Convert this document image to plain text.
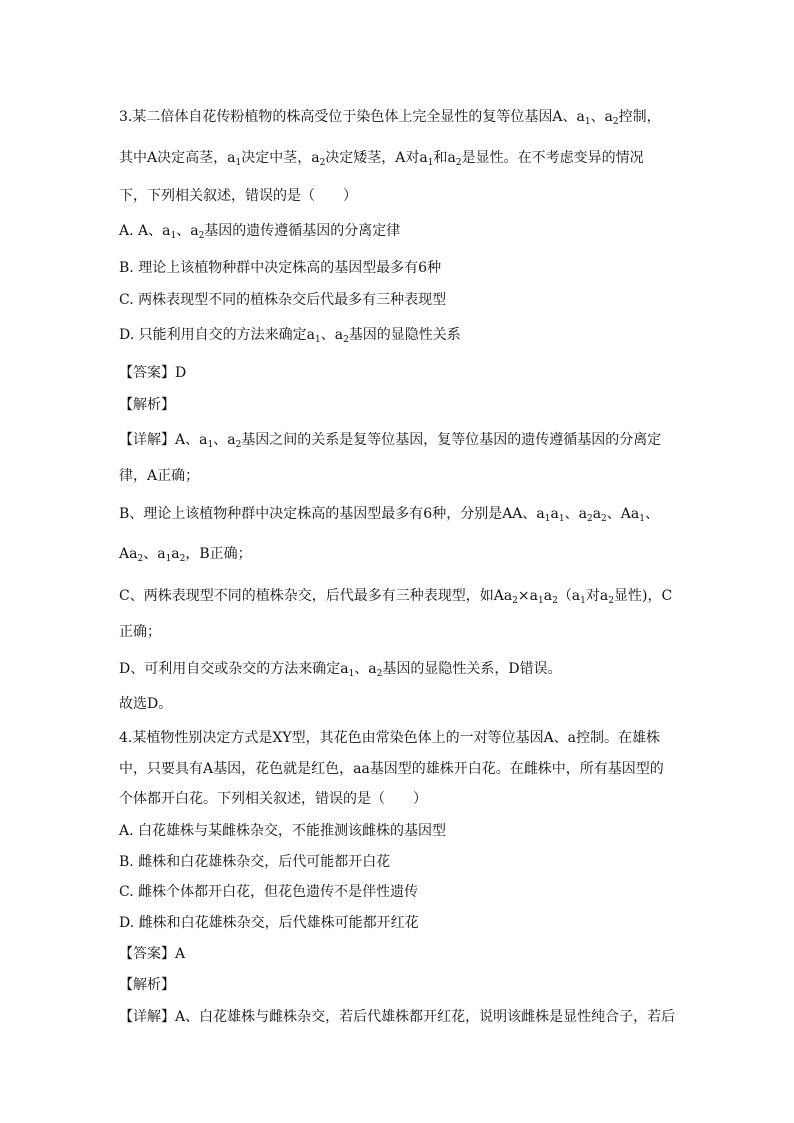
3.某二倍体自花传粉植物的株高受位于染色体上完全显性的复等位基因A、$a_1$、$a_2$控制，
其中A决定高茎，$a_1$决定中茎，$a_2$决定矮茎，A对$a_1$和$a_2$是显性。在不考虑变异的情况
下，下列相关叙述，错误的是（　　）
A. A、$a_1$、$a_2$基因的遗传遵循基因的分离定律
B. 理论上该植物种群中决定株高的基因型最多有6种
C. 两株表现型不同的植株杂交后代最多有三种表现型
D. 只能利用自交的方法来确定$a_1$、$a_2$基因的显隐性关系
【答案】D
【解析】
【详解】A、$a_1$、$a_2$基因之间的关系是复等位基因，复等位基因的遗传遵循基因的分离定
律，A正确；
B、理论上该植物种群中决定株高的基因型最多有6种，分别是AA、$a_1a_1$、$a_2a_2$、$Aa_1$、
$Aa_2$、$a_1a_2$，B正确；
C、两株表现型不同的植株杂交，后代最多有三种表现型，如$Aa_2\times a_1a_2(a_1$对$a_2$显性)，C
正确；
D、可利用自交或杂交的方法来确定$a_1$、$a_2$基因的显隐性关系，D错误。
故选D。
4.某植物性别决定方式是XY型，其花色由常染色体上的一对等位基因A、a控制。在雄株
中，只要具有A基因，花色就是红色，aa基因型的雄株开白花。在雌株中，所有基因型的
个体都开白花。下列相关叙述，错误的是（　　）
A. 白花雄株与某雌株杂交，不能推测该雌株的基因型
B. 雌株和白花雄株杂交，后代可能都开白花
C. 雌株个体都开白花，但花色遗传不是伴性遗传
D. 雌株和白花雄株杂交，后代雄株可能都开红花
【答案】A
【解析】
【详解】A、白花雄株与雌株杂交，若后代雄株都开红花，说明该雌株是显性纯合子，若后
